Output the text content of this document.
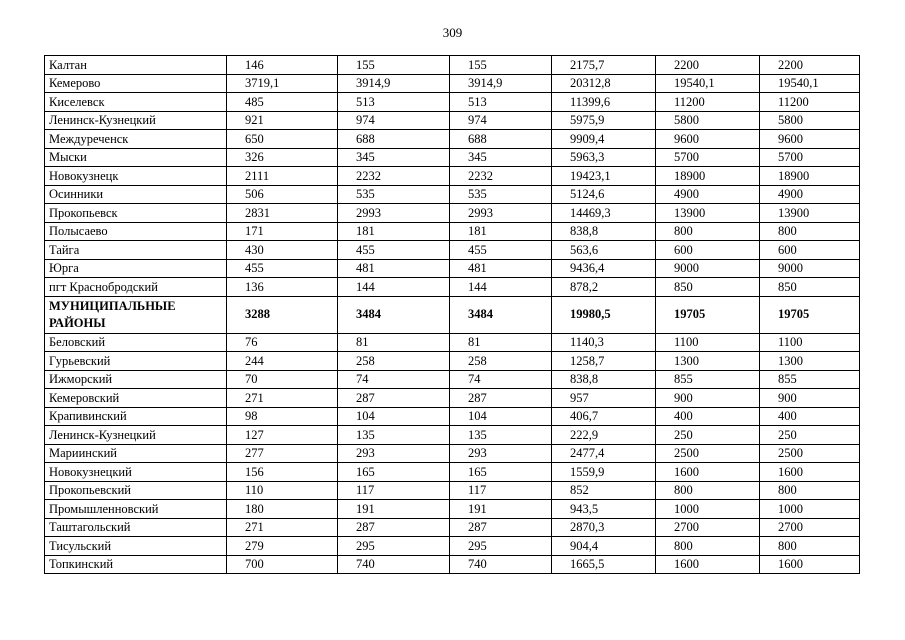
309
Калтан	146	155	155	2175,7	2200	2200
Кемерово	3719,1	3914,9	3914,9	20312,8	19540,1	19540,1
Киселевск	485	513	513	11399,6	11200	11200
Ленинск-Кузнецкий	921	974	974	5975,9	5800	5800
Междуреченск	650	688	688	9909,4	9600	9600
Мыски	326	345	345	5963,3	5700	5700
Новокузнецк	2111	2232	2232	19423,1	18900	18900
Осинники	506	535	535	5124,6	4900	4900
Прокопьевск	2831	2993	2993	14469,3	13900	13900
Полысаево	171	181	181	838,8	800	800
Тайга	430	455	455	563,6	600	600
Юрга	455	481	481	9436,4	9000	9000
пгт Краснобродский	136	144	144	878,2	850	850
МУНИЦИПАЛЬНЫЕ РАЙОНЫ	3288	3484	3484	19980,5	19705	19705
Беловский	76	81	81	1140,3	1100	1100
Гурьевский	244	258	258	1258,7	1300	1300
Ижморский	70	74	74	838,8	855	855
Кемеровский	271	287	287	957	900	900
Крапивинский	98	104	104	406,7	400	400
Ленинск-Кузнецкий	127	135	135	222,9	250	250
Мариинский	277	293	293	2477,4	2500	2500
Новокузнецкий	156	165	165	1559,9	1600	1600
Прокопьевский	110	117	117	852	800	800
Промышленновский	180	191	191	943,5	1000	1000
Таштагольский	271	287	287	2870,3	2700	2700
Тисульский	279	295	295	904,4	800	800
Топкинский	700	740	740	1665,5	1600	1600
